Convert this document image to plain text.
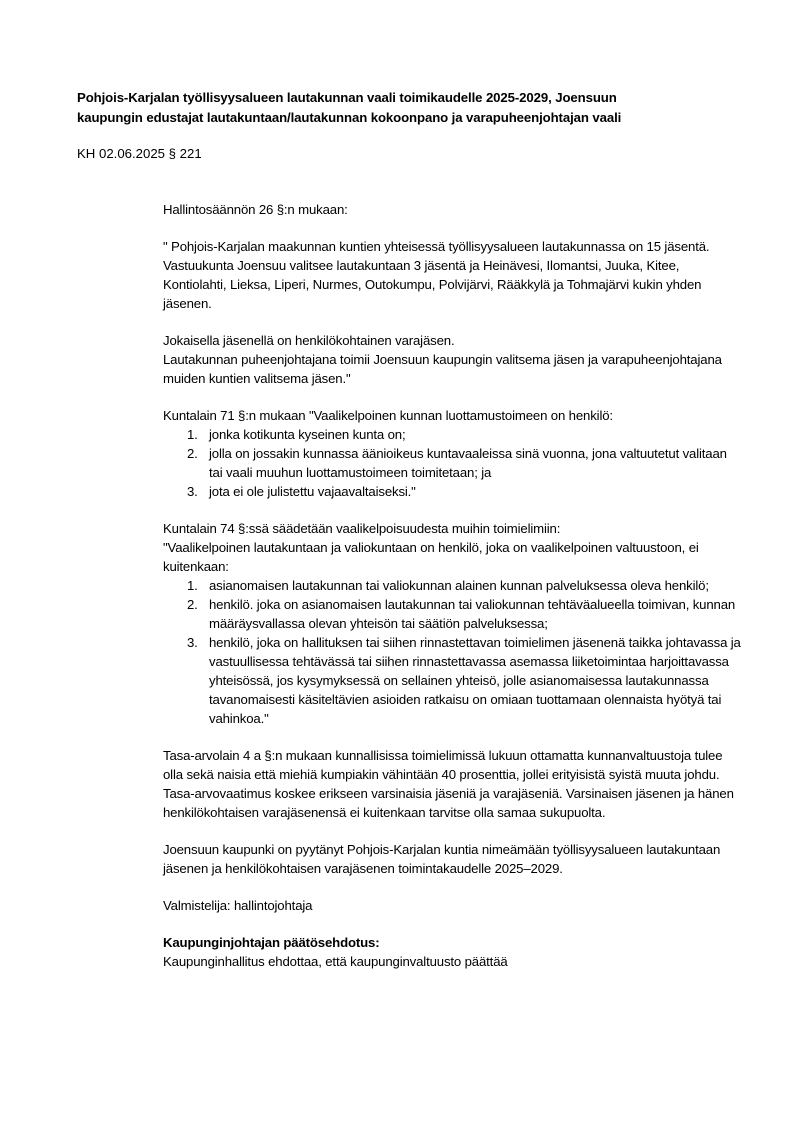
Pohjois-Karjalan työllisyysalueen lautakunnan vaali toimikaudelle 2025-2029, Joensuun
kaupungin edustajat lautakuntaan/lautakunnan kokoonpano ja varapuheenjohtajan vaali
KH 02.06.2025 § 221

Hallintosäännön 26 §:n mukaan:

" Pohjois-Karjalan maakunnan kuntien yhteisessä työllisyysalueen lautakunnassa on 15 jäsentä. Vastuukunta Joensuu valitsee lautakuntaan 3 jäsentä ja Heinävesi, Ilomantsi, Juuka, Kitee, Kontiolahti, Lieksa, Liperi, Nurmes, Outokumpu, Polvijärvi, Rääkkylä ja Tohmajärvi kukin yhden jäsenen.

Jokaisella jäsenellä on henkilökohtainen varajäsen.

Lautakunnan puheenjohtajana toimii Joensuun kaupungin valitsema jäsen ja varapuheenjohtajana muiden kuntien valitsema jäsen."

Kuntalain 71 §:n mukaan "Vaalikelpoinen kunnan luottamustoimeen on henkilö:

1. jonka kotikunta kyseinen kunta on;
2. jolla on jossakin kunnassa äänioikeus kuntavaaleissa sinä vuonna, jona valtuutetut valitaan tai vaali muuhun luottamustoimeen toimitetaan; ja
3. jota ei ole julistettu vajaavaltaiseksi."

Kuntalain 74 §:ssä säädetään vaalikelpoisuudesta muihin toimielimiin:

"Vaalikelpoinen lautakuntaan ja valiokuntaan on henkilö, joka on vaalikelpoinen valtuustoon, ei kuitenkaan:

1. asianomaisen lautakunnan tai valiokunnan alainen kunnan palveluksessa oleva henkilö;
2. henkilö. joka on asianomaisen lautakunnan tai valiokunnan tehtäväalueella toimivan, kunnan määräysvallassa olevan yhteisön tai säätiön palveluksessa;
3. henkilö, joka on hallituksen tai siihen rinnastettavan toimielimen jäsenenä taikka johtavassa ja vastuullisessa tehtävässä tai siihen rinnastettavassa asemassa liiketoimintaa harjoittavassa yhteisössä, jos kysymyksessä on sellainen yhteisö, jolle asianomaisessa lautakunnassa tavanomaisesti käsiteltävien asioiden ratkaisu on omiaan tuottamaan olennaista hyötyä tai vahinkoa."

Tasa-arvolain 4 a §:n mukaan kunnallisissa toimielimissä lukuun ottamatta kunnanvaltuustoja tulee olla sekä naisia että miehiä kumpiakin vähintään 40 prosenttia, jollei erityisistä syistä muuta johdu. Tasa-arvovaatimus koskee erikseen varsinaisia jäseniä ja varajäseniä. Varsinaisen jäsenen ja hänen henkilökohtaisen varajäsenensä ei kuitenkaan tarvitse olla samaa sukupuolta.

Joensuun kaupunki on pyytänyt Pohjois-Karjalan kuntia nimeämään työllisyysalueen lautakuntaan jäsenen ja henkilökohtaisen varajäsenen toimintakaudelle 2025–2029.

Valmistelija: hallintojohtaja

Kaupunginjohtajan päätösehdotus:

Kaupunginhallitus ehdottaa, että kaupunginvaltuusto päättää
